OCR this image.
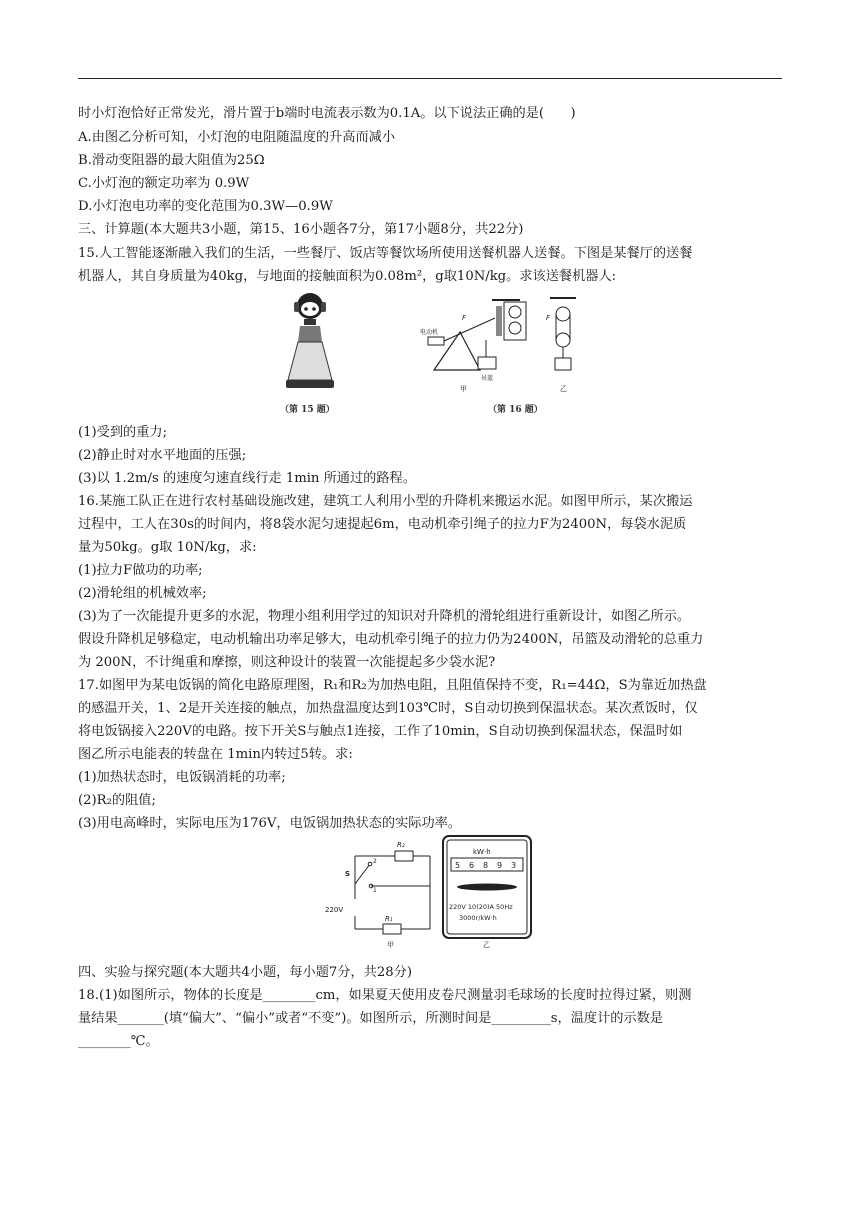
时小灯泡恰好正常发光，滑片置于b端时电流表示数为0.1A。以下说法正确的是(　　)
A.由图乙分析可知，小灯泡的电阻随温度的升高而减小
B.滑动变阻器的最大阻值为25Ω
C.小灯泡的额定功率为 0.9W
D.小灯泡电功率的变化范围为0.3W—0.9W
三、计算题(本大题共3小题，第15、16小题各7分，第17小题8分，共22分)
15.人工智能逐渐融入我们的生活，一些餐厅、饭店等餐饮场所使用送餐机器人送餐。下图是某餐厅的送餐
机器人，其自身质量为40kg，与地面的接触面积为0.08m²，g取10N/kg。求该送餐机器人:
电动机
F
吊篮
甲
F
乙
（第 15 题）	（第 16 题）
(1)受到的重力;
(2)静止时对水平地面的压强;
(3)以 1.2m/s 的速度匀速直线行走 1min 所通过的路程。
16.某施工队正在进行农村基础设施改建，建筑工人利用小型的升降机来搬运水泥。如图甲所示，某次搬运
过程中，工人在30s的时间内，将8袋水泥匀速提起6m，电动机牵引绳子的拉力F为2400N，每袋水泥质
量为50kg。g取 10N/kg，求:
(1)拉力F做功的功率;
(2)滑轮组的机械效率;
(3)为了一次能提升更多的水泥，物理小组利用学过的知识对升降机的滑轮组进行重新设计，如图乙所示。
假设升降机足够稳定，电动机输出功率足够大，电动机牵引绳子的拉力仍为2400N，吊篮及动滑轮的总重力
为 200N，不计绳重和摩擦，则这种设计的装置一次能提起多少袋水泥?
17.如图甲为某电饭锅的简化电路原理图，R₁和R₂为加热电阻，且阻值保持不变，R₁=44Ω，S为靠近加热盘
的感温开关，1、2是开关连接的触点，加热盘温度达到103℃时，S自动切换到保温状态。某次煮饭时，仅
将电饭锅接入220V的电路。按下开关S与触点1连接，工作了10min，S自动切换到保温状态，保温时如
图乙所示电能表的转盘在 1min内转过5转。求:
(1)加热状态时，电饭锅消耗的功率;
(2)R₂的阻值;
(3)用电高峰时，实际电压为176V，电饭锅加热状态的实际功率。
R₂
R₁
S
2
1
220V
甲
kW·h
5 6 8 9 3
220V 10(20)A 50Hz
3000r/kW·h
乙
四、实验与探究题(本大题共4小题，每小题7分，共28分)
18.(1)如图所示，物体的长度是________cm，如果夏天使用皮卷尺测量羽毛球场的长度时拉得过紧，则测
量结果_______(填“偏大”、“偏小”或者“不变”)。如图所示，所测时间是_________s，温度计的示数是
________℃。
